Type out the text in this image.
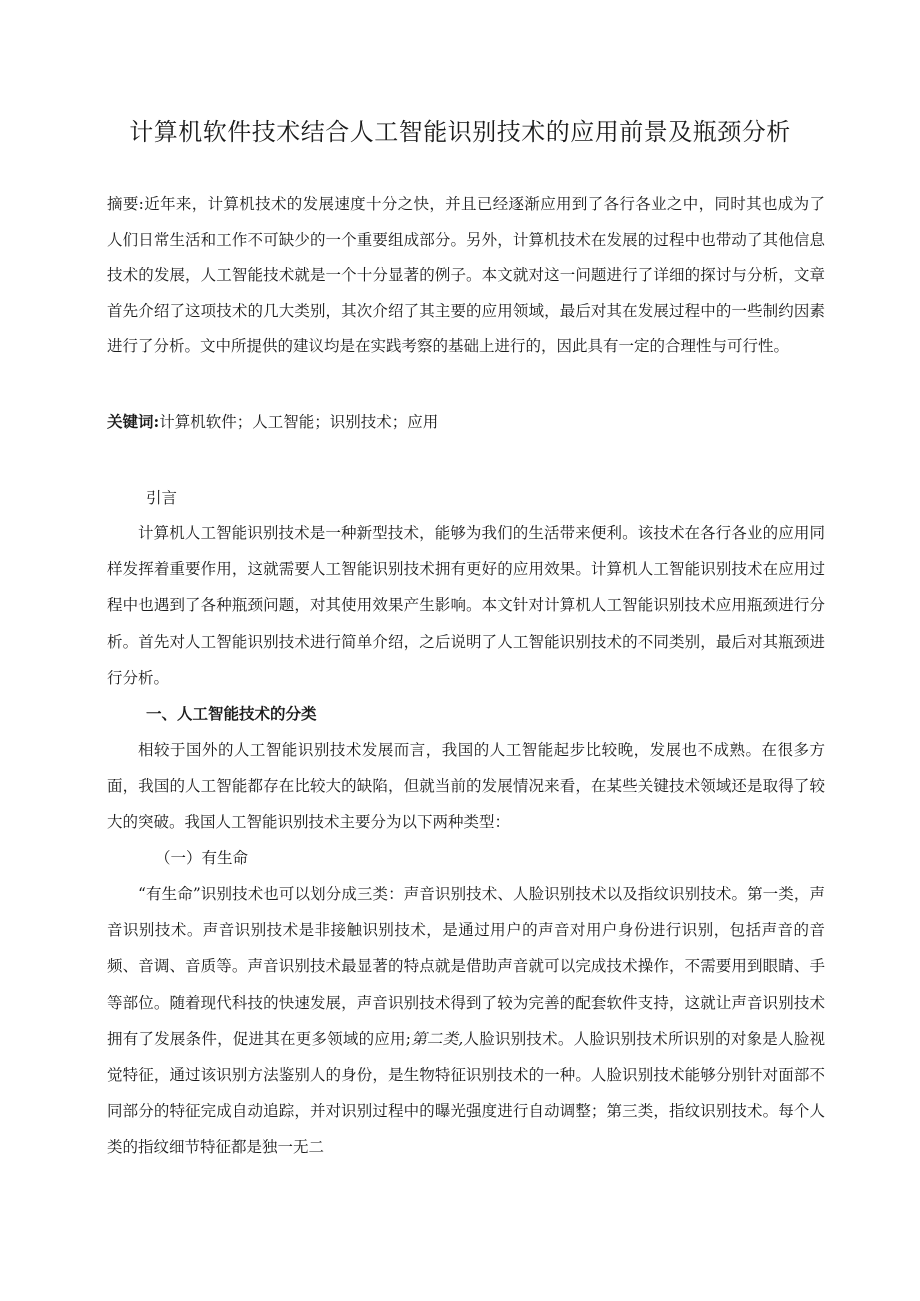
计算机软件技术结合人工智能识别技术的应用前景及瓶颈分析
摘要:近年来，计算机技术的发展速度十分之快，并且已经逐渐应用到了各行各业之中，同时其也成为了人们日常生活和工作不可缺少的一个重要组成部分。另外，计算机技术在发展的过程中也带动了其他信息技术的发展，人工智能技术就是一个十分显著的例子。本文就对这一问题进行了详细的探讨与分析，文章首先介绍了这项技术的几大类别，其次介绍了其主要的应用领域，最后对其在发展过程中的一些制约因素进行了分析。文中所提供的建议均是在实践考察的基础上进行的，因此具有一定的合理性与可行性。
关键词:计算机软件；人工智能；识别技术；应用
引言
计算机人工智能识别技术是一种新型技术，能够为我们的生活带来便利。该技术在各行各业的应用同样发挥着重要作用，这就需要人工智能识别技术拥有更好的应用效果。计算机人工智能识别技术在应用过程中也遇到了各种瓶颈问题，对其使用效果产生影响。本文针对计算机人工智能识别技术应用瓶颈进行分析。首先对人工智能识别技术进行简单介绍，之后说明了人工智能识别技术的不同类别，最后对其瓶颈进行分析。
一、人工智能技术的分类
相较于国外的人工智能识别技术发展而言，我国的人工智能起步比较晚，发展也不成熟。在很多方面，我国的人工智能都存在比较大的缺陷，但就当前的发展情况来看，在某些关键技术领域还是取得了较大的突破。我国人工智能识别技术主要分为以下两种类型：
（一）有生命
“有生命”识别技术也可以划分成三类：声音识别技术、人脸识别技术以及指纹识别技术。第一类，声音识别技术。声音识别技术是非接触识别技术，是通过用户的声音对用户身份进行识别，包括声音的音频、音调、音质等。声音识别技术最显著的特点就是借助声音就可以完成技术操作，不需要用到眼睛、手等部位。随着现代科技的快速发展，声音识别技术得到了较为完善的配套软件支持，这就让声音识别技术拥有了发展条件，促进其在更多领域的应用;第二类,人脸识别技术。人脸识别技术所识别的对象是人脸视觉特征，通过该识别方法鉴别人的身份，是生物特征识别技术的一种。人脸识别技术能够分别针对面部不同部分的特征完成自动追踪，并对识别过程中的曝光强度进行自动调整；第三类，指纹识别技术。每个人类的指纹细节特征都是独一无二
